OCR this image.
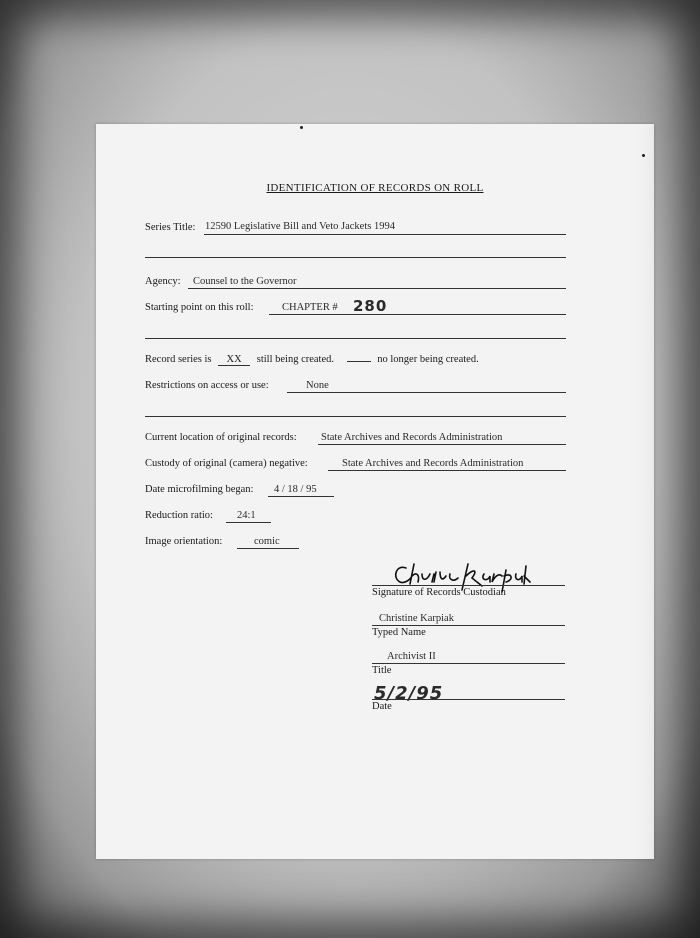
IDENTIFICATION OF RECORDS ON ROLL
Series Title: 12590 Legislative Bill and Veto Jackets 1994
Agency: Counsel to the Governor
Starting point on this roll:	CHAPTER # 280
Record series is XX still being created.	no longer being created.
Restrictions on access or use:	None
Current location of original records: State Archives and Records Administration
Custody of original (camera) negative:	State Archives and Records Administration
Date microfilming began: 4 / 18 / 95
Reduction ratio: 24:1
Image orientation:	comic
Signature of Records Custodian
Christine Karpiak
Typed Name
Archivist II
Title
5/2/95
Date
